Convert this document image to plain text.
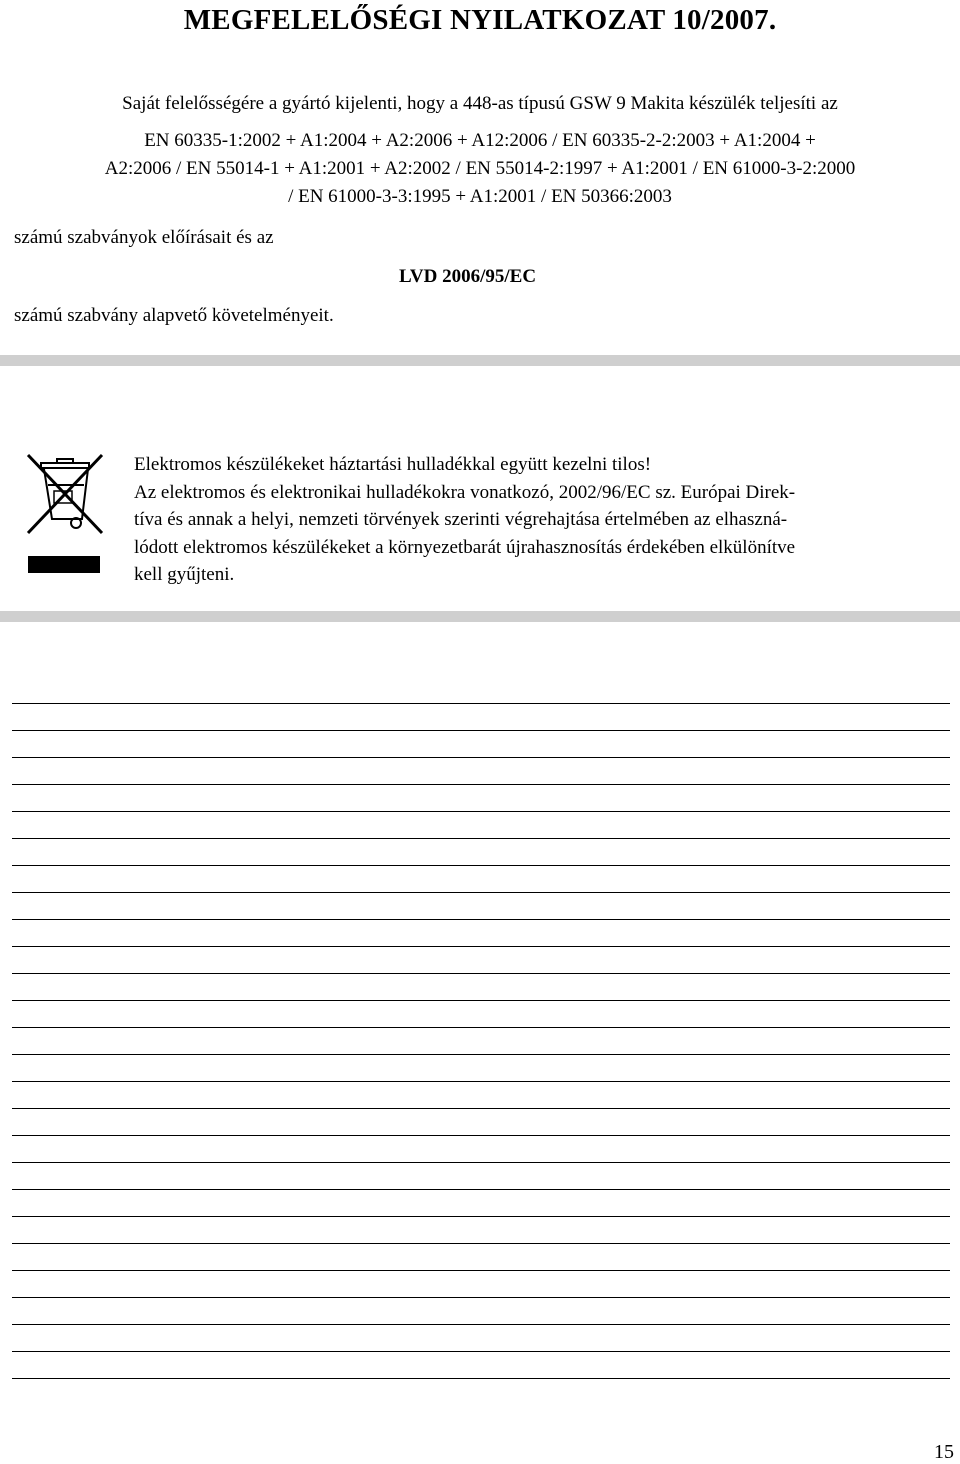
MEGFELELŐSÉGI NYILATKOZAT 10/2007.
Saját felelősségére a gyártó kijelenti, hogy a 448-as típusú GSW 9 Makita készülék teljesíti az
EN 60335-1:2002 + A1:2004 + A2:2006 + A12:2006 / EN 60335-2-2:2003 + A1:2004 +
A2:2006 / EN 55014-1 + A1:2001 + A2:2002 / EN 55014-2:1997 + A1:2001 / EN 61000-3-2:2000
/ EN 61000-3-3:1995 + A1:2001 / EN 50366:2003
számú szabványok előírásait és az
LVD 2006/95/EC
számú szabvány alapvető követelményeit.
Elektromos készülékeket háztartási hulladékkal együtt kezelni tilos!
Az elektromos és elektronikai hulladékokra vonatkozó, 2002/96/EC sz. Európai Direk-
tíva és annak a helyi, nemzeti törvények szerinti végrehajtása értelmében az elhaszná-
lódott elektromos készülékeket a környezetbarát újrahasznosítás érdekében elkülönítve
kell gyűjteni.
15
